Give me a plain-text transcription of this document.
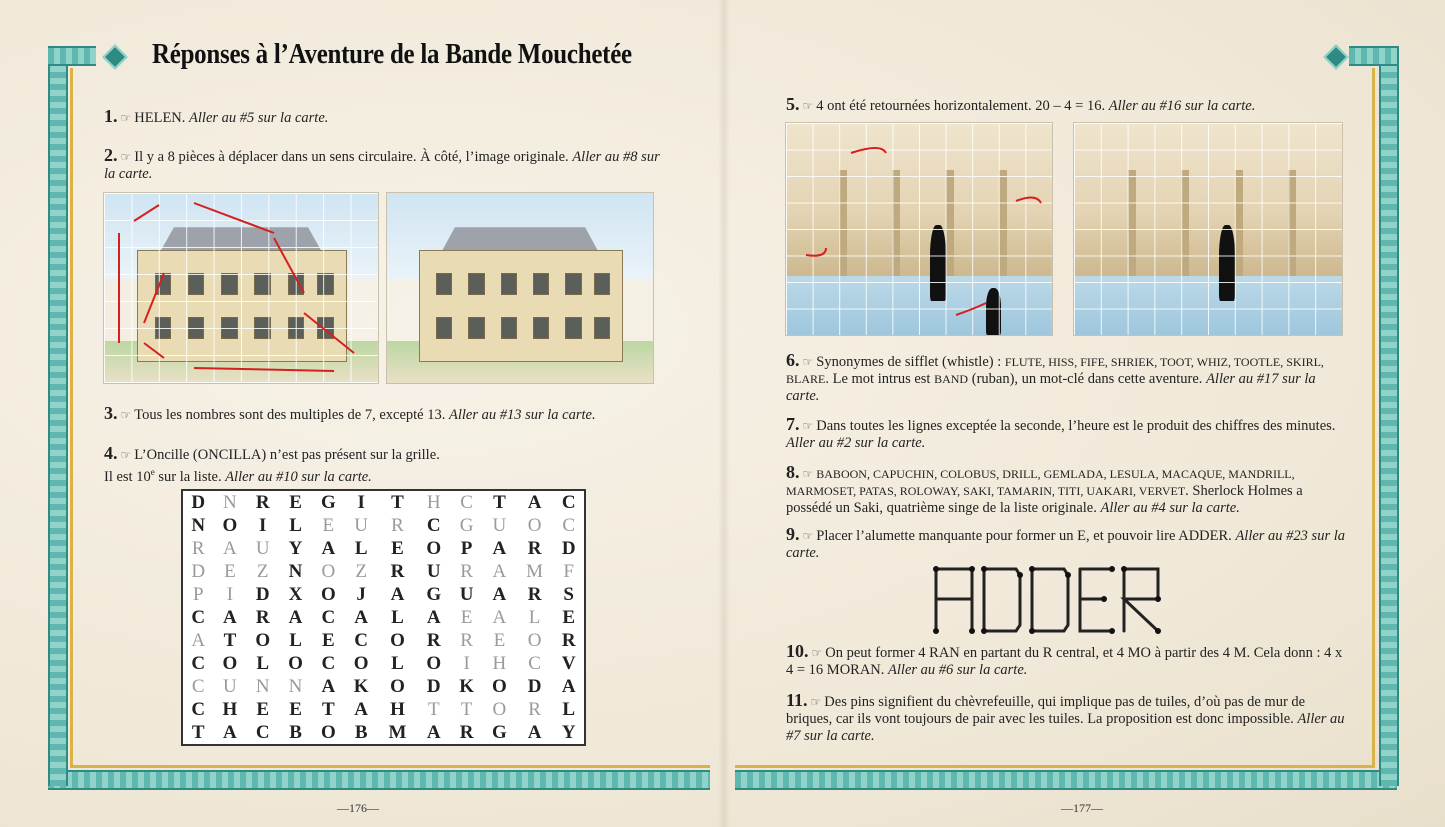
Réponses à l’Aventure de la Bande Mouchetée
1. ☞ HELEN. Aller au #5 sur la carte.
2. ☞ Il y a 8 pièces à déplacer dans un sens circulaire. À côté, l’image originale. Aller au #8 sur la carte.
3. ☞ Tous les nombres sont des multiples de 7, excepté 13. Aller au #13 sur la carte.
4. ☞ L’Oncille (ONCILLA) n’est pas présent sur la grille.
Il est 10e sur la liste. Aller au #10 sur la carte.
D	N	R	E	G	I	T	H	C	T	A	C
N	O	I	L	E	U	R	C	G	U	O	C
R	A	U	Y	A	L	E	O	P	A	R	D
D	E	Z	N	O	Z	R	U	R	A	M	F
P	I	D	X	O	J	A	G	U	A	R	S
C	A	R	A	C	A	L	A	E	A	L	E
A	T	O	L	E	C	O	R	R	E	O	R
C	O	L	O	C	O	L	O	I	H	C	V
C	U	N	N	A	K	O	D	K	O	D	A
C	H	E	E	T	A	H	T	T	O	R	L
T	A	C	B	O	B	M	A	R	G	A	Y
5. ☞ 4 ont été retournées horizontalement. 20 – 4 = 16. Aller au #16 sur la carte.
6. ☞ Synonymes de sifflet (whistle) : FLUTE, HISS, FIFE, SHRIEK, TOOT, WHIZ, TOOTLE, SKIRL, BLARE. Le mot intrus est BAND (ruban), un mot-clé dans cette aventure. Aller au #17 sur la carte.
7. ☞ Dans toutes les lignes exceptée la seconde, l’heure est le produit des chiffres des minutes. Aller au #2 sur la carte.
8. ☞ BABOON, CAPUCHIN, COLOBUS, DRILL, GEMLADA, LESULA, MACAQUE, MANDRILL, MARMOSET, PATAS, ROLOWAY, SAKI, TAMARIN, TITI, UAKARI, VERVET. Sherlock Holmes a possédé un Saki, quatrième singe de la liste originale. Aller au #4 sur la carte.
9. ☞ Placer l’alumette manquante pour former un E, et pouvoir lire ADDER. Aller au #23 sur la carte.
ADDER
10. ☞ On peut former 4 RAN en partant du R central, et 4 MO à partir des 4 M. Cela donn : 4 x 4 = 16 MORAN. Aller au #6 sur la carte.
11. ☞ Des pins signifient du chèvrefeuille, qui implique pas de tuiles, d’où pas de mur de briques, car ils vont toujours de pair avec les tuiles. La proposition est donc impossible. Aller au #7 sur la carte.
—176—	—177—
